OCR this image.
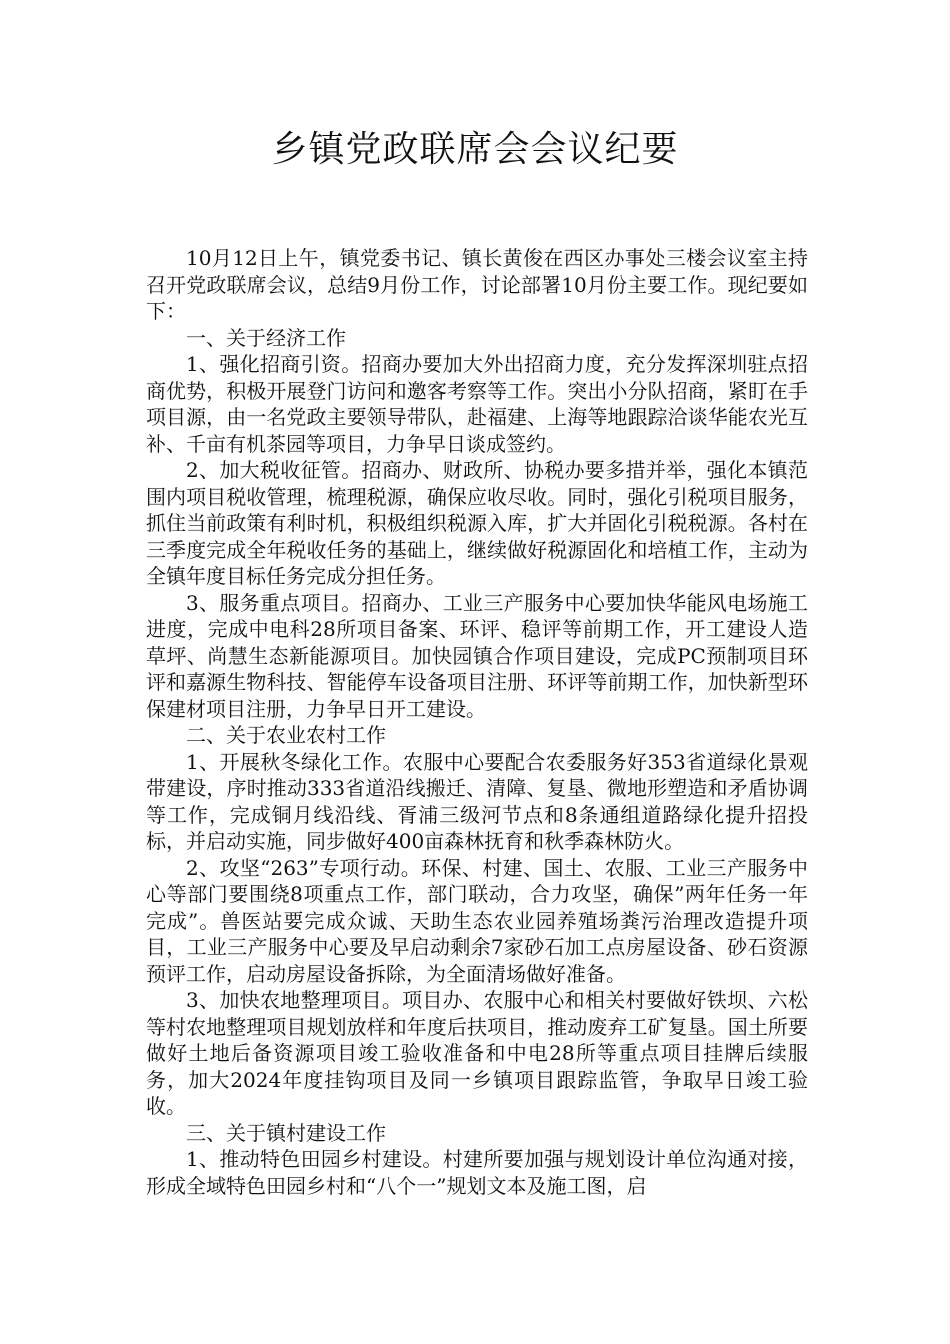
乡镇党政联席会会议纪要

10月12日上午，镇党委书记、镇长黄俊在西区办事处三楼会议室主持召开党政联席会议，总结9月份工作，讨论部署10月份主要工作。现纪要如下：

一、关于经济工作

1、强化招商引资。招商办要加大外出招商力度，充分发挥深圳驻点招商优势，积极开展登门访问和邀客考察等工作。突出小分队招商，紧盯在手项目源，由一名党政主要领导带队，赴福建、上海等地跟踪洽谈华能农光互补、千亩有机茶园等项目，力争早日谈成签约。

2、加大税收征管。招商办、财政所、协税办要多措并举，强化本镇范围内项目税收管理，梳理税源，确保应收尽收。同时，强化引税项目服务，抓住当前政策有利时机，积极组织税源入库，扩大并固化引税税源。各村在三季度完成全年税收任务的基础上，继续做好税源固化和培植工作，主动为全镇年度目标任务完成分担任务。

3、服务重点项目。招商办、工业三产服务中心要加快华能风电场施工进度，完成中电科28所项目备案、环评、稳评等前期工作，开工建设人造草坪、尚慧生态新能源项目。加快园镇合作项目建设，完成PC预制项目环评和嘉源生物科技、智能停车设备项目注册、环评等前期工作，加快新型环保建材项目注册，力争早日开工建设。

二、关于农业农村工作

1、开展秋冬绿化工作。农服中心要配合农委服务好353省道绿化景观带建设，序时推动333省道沿线搬迁、清障、复垦、微地形塑造和矛盾协调等工作，完成铜月线沿线、胥浦三级河节点和8条通组道路绿化提升招投标，并启动实施，同步做好400亩森林抚育和秋季森林防火。

2、攻坚“263”专项行动。环保、村建、国土、农服、工业三产服务中心等部门要围绕8项重点工作，部门联动，合力攻坚，确保”两年任务一年完成”。兽医站要完成众诚、天助生态农业园养殖场粪污治理改造提升项目，工业三产服务中心要及早启动剩余7家砂石加工点房屋设备、砂石资源预评工作，启动房屋设备拆除，为全面清场做好准备。

3、加快农地整理项目。项目办、农服中心和相关村要做好铁坝、六松等村农地整理项目规划放样和年度后扶项目，推动废弃工矿复垦。国土所要做好土地后备资源项目竣工验收准备和中电28所等重点项目挂牌后续服务，加大2024年度挂钩项目及同一乡镇项目跟踪监管，争取早日竣工验收。

三、关于镇村建设工作

1、推动特色田园乡村建设。村建所要加强与规划设计单位沟通对接，形成全域特色田园乡村和“八个一”规划文本及施工图，启
